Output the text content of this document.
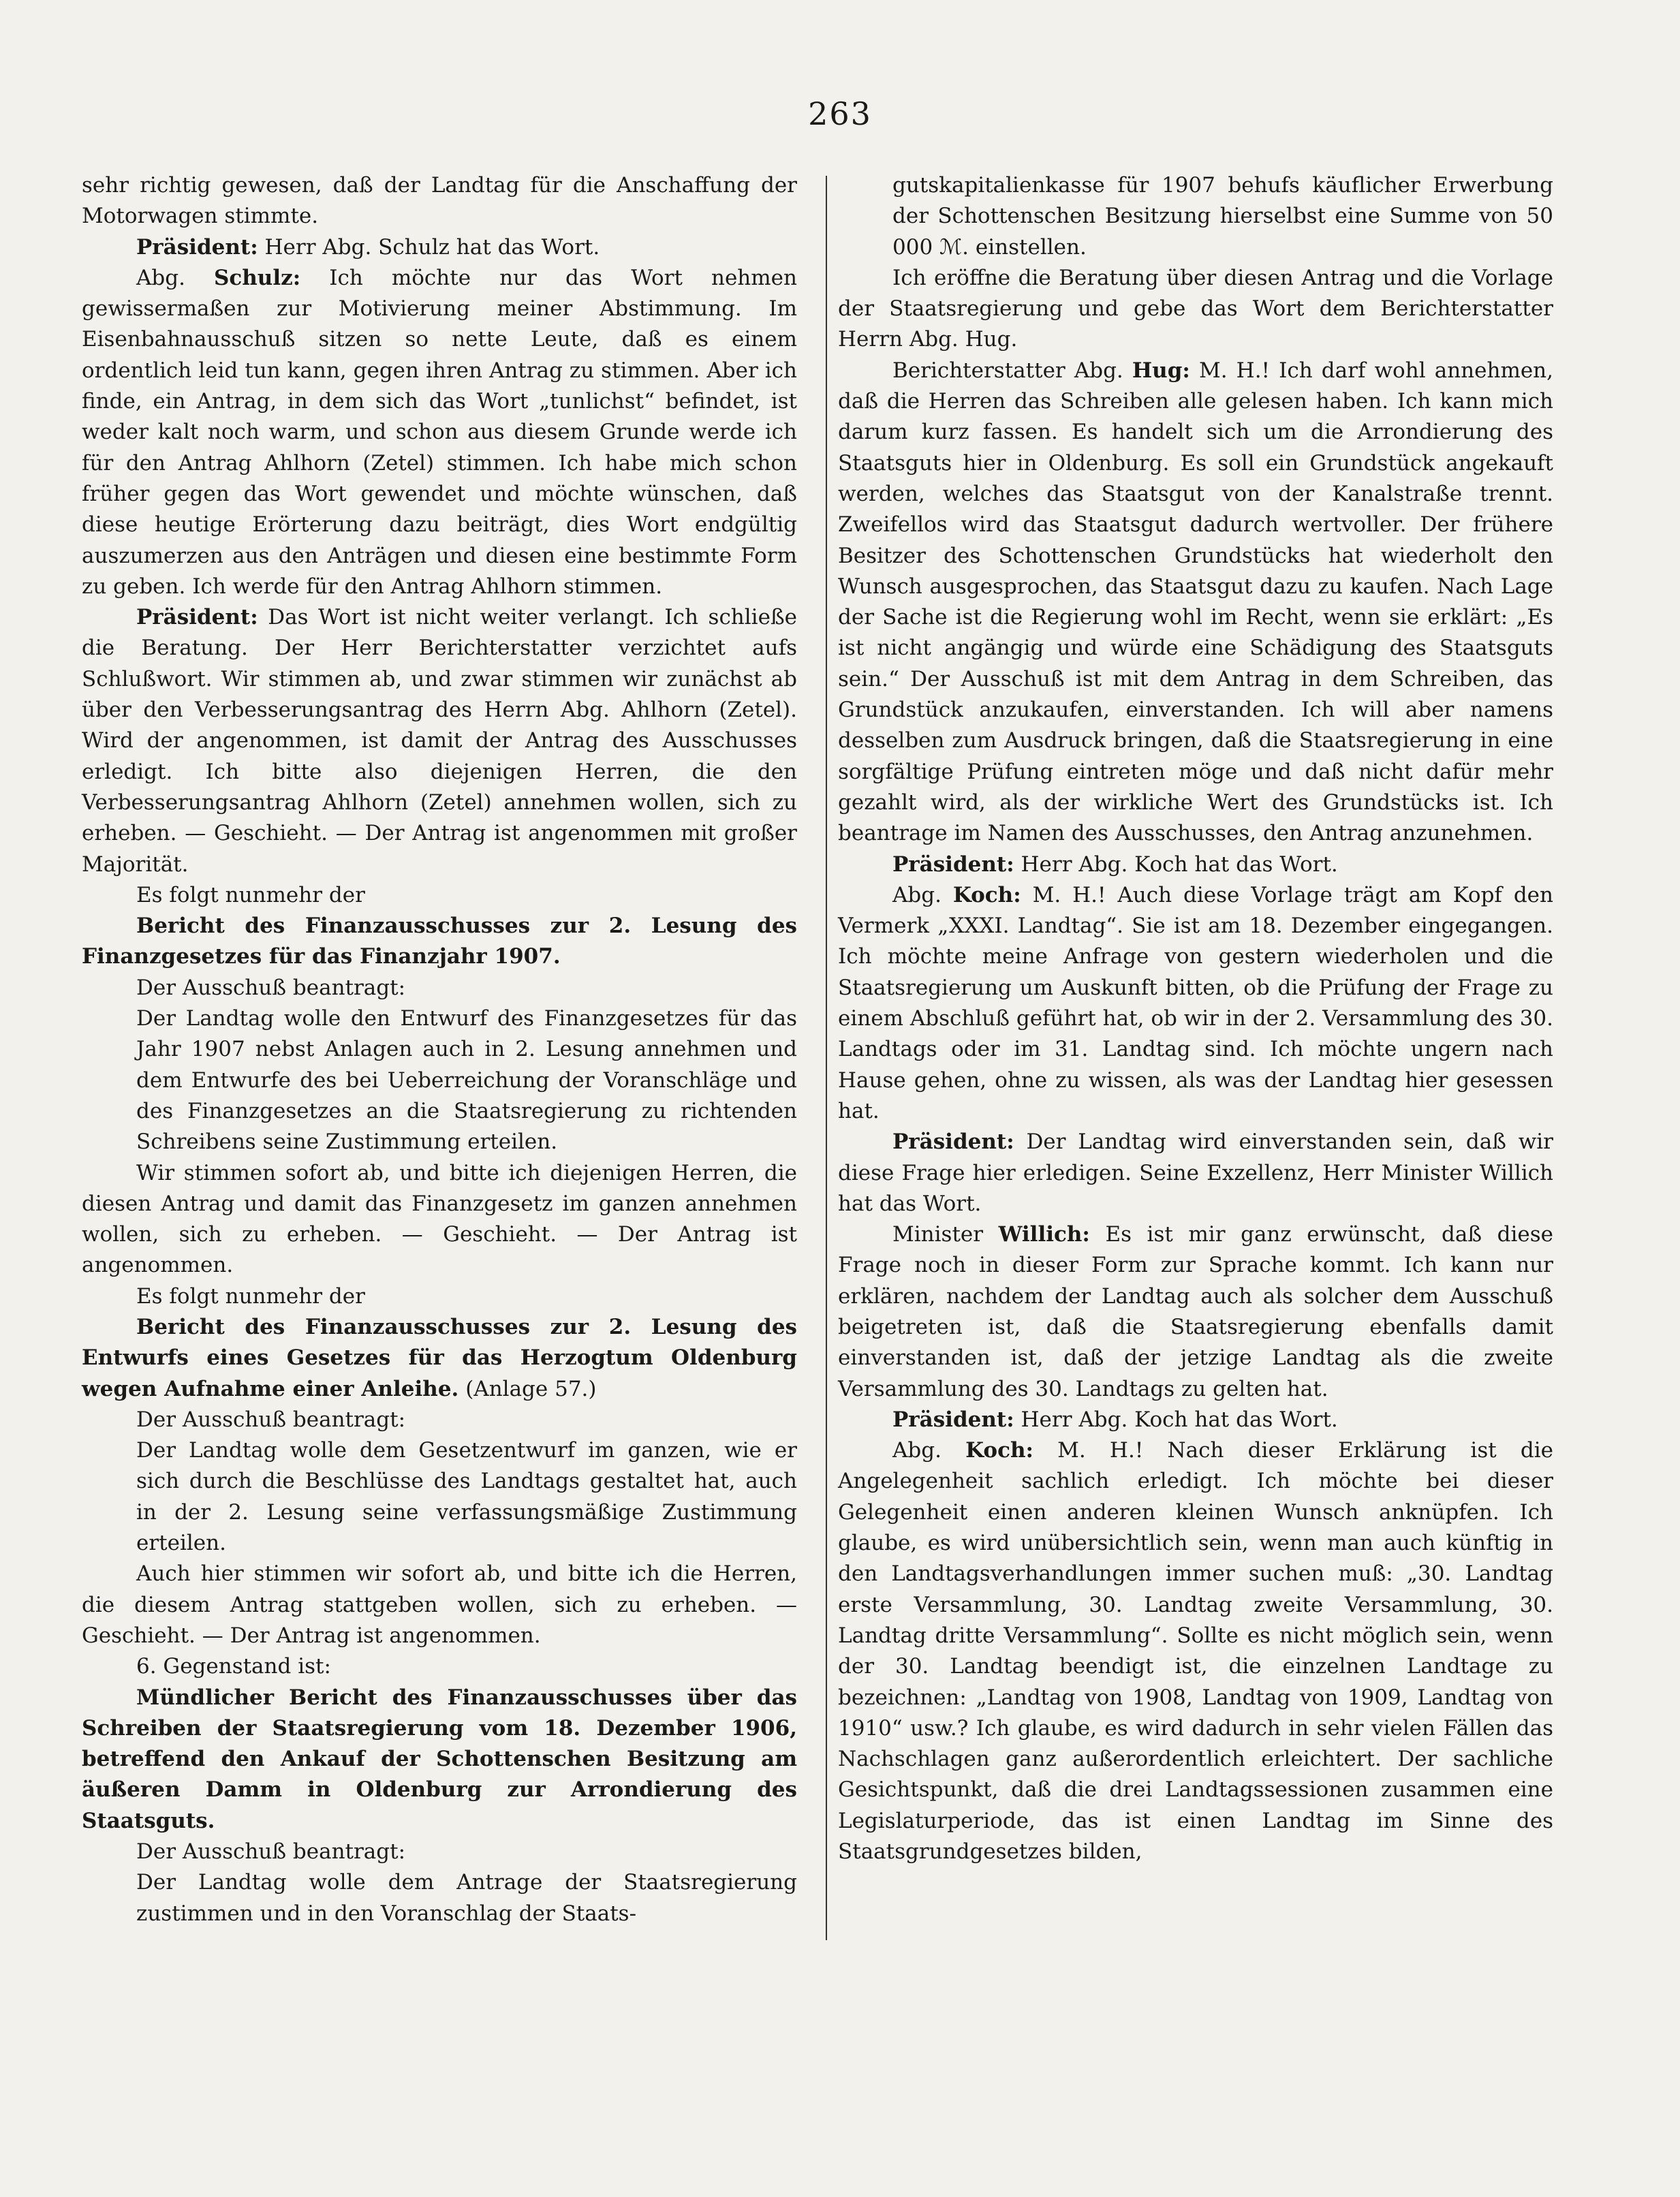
263

sehr richtig gewesen, daß der Landtag für die Anschaffung der Motorwagen stimmte.

Präsident: Herr Abg. Schulz hat das Wort.

Abg. Schulz: Ich möchte nur das Wort nehmen gewissermaßen zur Motivierung meiner Abstimmung. Im Eisenbahnausschuß sitzen so nette Leute, daß es einem ordentlich leid tun kann, gegen ihren Antrag zu stimmen. Aber ich finde, ein Antrag, in dem sich das Wort „tunlichst“ befindet, ist weder kalt noch warm, und schon aus diesem Grunde werde ich für den Antrag Ahlhorn (Zetel) stimmen. Ich habe mich schon früher gegen das Wort gewendet und möchte wünschen, daß diese heutige Erörterung dazu beiträgt, dies Wort endgültig auszumerzen aus den Anträgen und diesen eine bestimmte Form zu geben. Ich werde für den Antrag Ahlhorn stimmen.

Präsident: Das Wort ist nicht weiter verlangt. Ich schließe die Beratung. Der Herr Berichterstatter verzichtet aufs Schlußwort. Wir stimmen ab, und zwar stimmen wir zunächst ab über den Verbesserungsantrag des Herrn Abg. Ahlhorn (Zetel). Wird der angenommen, ist damit der Antrag des Ausschusses erledigt. Ich bitte also diejenigen Herren, die den Verbesserungsantrag Ahlhorn (Zetel) annehmen wollen, sich zu erheben. — Geschieht. — Der Antrag ist angenommen mit großer Majorität.

Es folgt nunmehr der

Bericht des Finanzausschusses zur 2. Lesung des Finanzgesetzes für das Finanzjahr 1907.

Der Ausschuß beantragt:

Der Landtag wolle den Entwurf des Finanzgesetzes für das Jahr 1907 nebst Anlagen auch in 2. Lesung annehmen und dem Entwurfe des bei Ueberreichung der Voranschläge und des Finanzgesetzes an die Staatsregierung zu richtenden Schreibens seine Zustimmung erteilen.

Wir stimmen sofort ab, und bitte ich diejenigen Herren, die diesen Antrag und damit das Finanzgesetz im ganzen annehmen wollen, sich zu erheben. — Geschieht. — Der Antrag ist angenommen.

Es folgt nunmehr der

Bericht des Finanzausschusses zur 2. Lesung des Entwurfs eines Gesetzes für das Herzogtum Oldenburg wegen Aufnahme einer Anleihe. (Anlage 57.)

Der Ausschuß beantragt:

Der Landtag wolle dem Gesetzentwurf im ganzen, wie er sich durch die Beschlüsse des Landtags gestaltet hat, auch in der 2. Lesung seine verfassungsmäßige Zustimmung erteilen.

Auch hier stimmen wir sofort ab, und bitte ich die Herren, die diesem Antrag stattgeben wollen, sich zu erheben. — Geschieht. — Der Antrag ist angenommen.

6. Gegenstand ist:

Mündlicher Bericht des Finanzausschusses über das Schreiben der Staatsregierung vom 18. Dezember 1906, betreffend den Ankauf der Schottenschen Besitzung am äußeren Damm in Oldenburg zur Arrondierung des Staatsguts.

Der Ausschuß beantragt:

Der Landtag wolle dem Antrage der Staatsregierung zustimmen und in den Voranschlag der Staats-

gutskapitalienkasse für 1907 behufs käuflicher Erwerbung der Schottenschen Besitzung hierselbst eine Summe von 50 000 ℳ. einstellen.

Ich eröffne die Beratung über diesen Antrag und die Vorlage der Staatsregierung und gebe das Wort dem Berichterstatter Herrn Abg. Hug.

Berichterstatter Abg. Hug: M. H.! Ich darf wohl annehmen, daß die Herren das Schreiben alle gelesen haben. Ich kann mich darum kurz fassen. Es handelt sich um die Arrondierung des Staatsguts hier in Oldenburg. Es soll ein Grundstück angekauft werden, welches das Staatsgut von der Kanalstraße trennt. Zweifellos wird das Staatsgut dadurch wertvoller. Der frühere Besitzer des Schottenschen Grundstücks hat wiederholt den Wunsch ausgesprochen, das Staatsgut dazu zu kaufen. Nach Lage der Sache ist die Regierung wohl im Recht, wenn sie erklärt: „Es ist nicht angängig und würde eine Schädigung des Staatsguts sein.“ Der Ausschuß ist mit dem Antrag in dem Schreiben, das Grundstück anzukaufen, einverstanden. Ich will aber namens desselben zum Ausdruck bringen, daß die Staatsregierung in eine sorgfältige Prüfung eintreten möge und daß nicht dafür mehr gezahlt wird, als der wirkliche Wert des Grundstücks ist. Ich beantrage im Namen des Ausschusses, den Antrag anzunehmen.

Präsident: Herr Abg. Koch hat das Wort.

Abg. Koch: M. H.! Auch diese Vorlage trägt am Kopf den Vermerk „XXXI. Landtag“. Sie ist am 18. Dezember eingegangen. Ich möchte meine Anfrage von gestern wiederholen und die Staatsregierung um Auskunft bitten, ob die Prüfung der Frage zu einem Abschluß geführt hat, ob wir in der 2. Versammlung des 30. Landtags oder im 31. Landtag sind. Ich möchte ungern nach Hause gehen, ohne zu wissen, als was der Landtag hier gesessen hat.

Präsident: Der Landtag wird einverstanden sein, daß wir diese Frage hier erledigen. Seine Exzellenz, Herr Minister Willich hat das Wort.

Minister Willich: Es ist mir ganz erwünscht, daß diese Frage noch in dieser Form zur Sprache kommt. Ich kann nur erklären, nachdem der Landtag auch als solcher dem Ausschuß beigetreten ist, daß die Staatsregierung ebenfalls damit einverstanden ist, daß der jetzige Landtag als die zweite Versammlung des 30. Landtags zu gelten hat.

Präsident: Herr Abg. Koch hat das Wort.

Abg. Koch: M. H.! Nach dieser Erklärung ist die Angelegenheit sachlich erledigt. Ich möchte bei dieser Gelegenheit einen anderen kleinen Wunsch anknüpfen. Ich glaube, es wird unübersichtlich sein, wenn man auch künftig in den Landtagsverhandlungen immer suchen muß: „30. Landtag erste Versammlung, 30. Landtag zweite Versammlung, 30. Landtag dritte Versammlung“. Sollte es nicht möglich sein, wenn der 30. Landtag beendigt ist, die einzelnen Landtage zu bezeichnen: „Landtag von 1908, Landtag von 1909, Landtag von 1910“ usw.? Ich glaube, es wird dadurch in sehr vielen Fällen das Nachschlagen ganz außerordentlich erleichtert. Der sachliche Gesichtspunkt, daß die drei Landtagssessionen zusammen eine Legislaturperiode, das ist einen Landtag im Sinne des Staatsgrundgesetzes bilden,
